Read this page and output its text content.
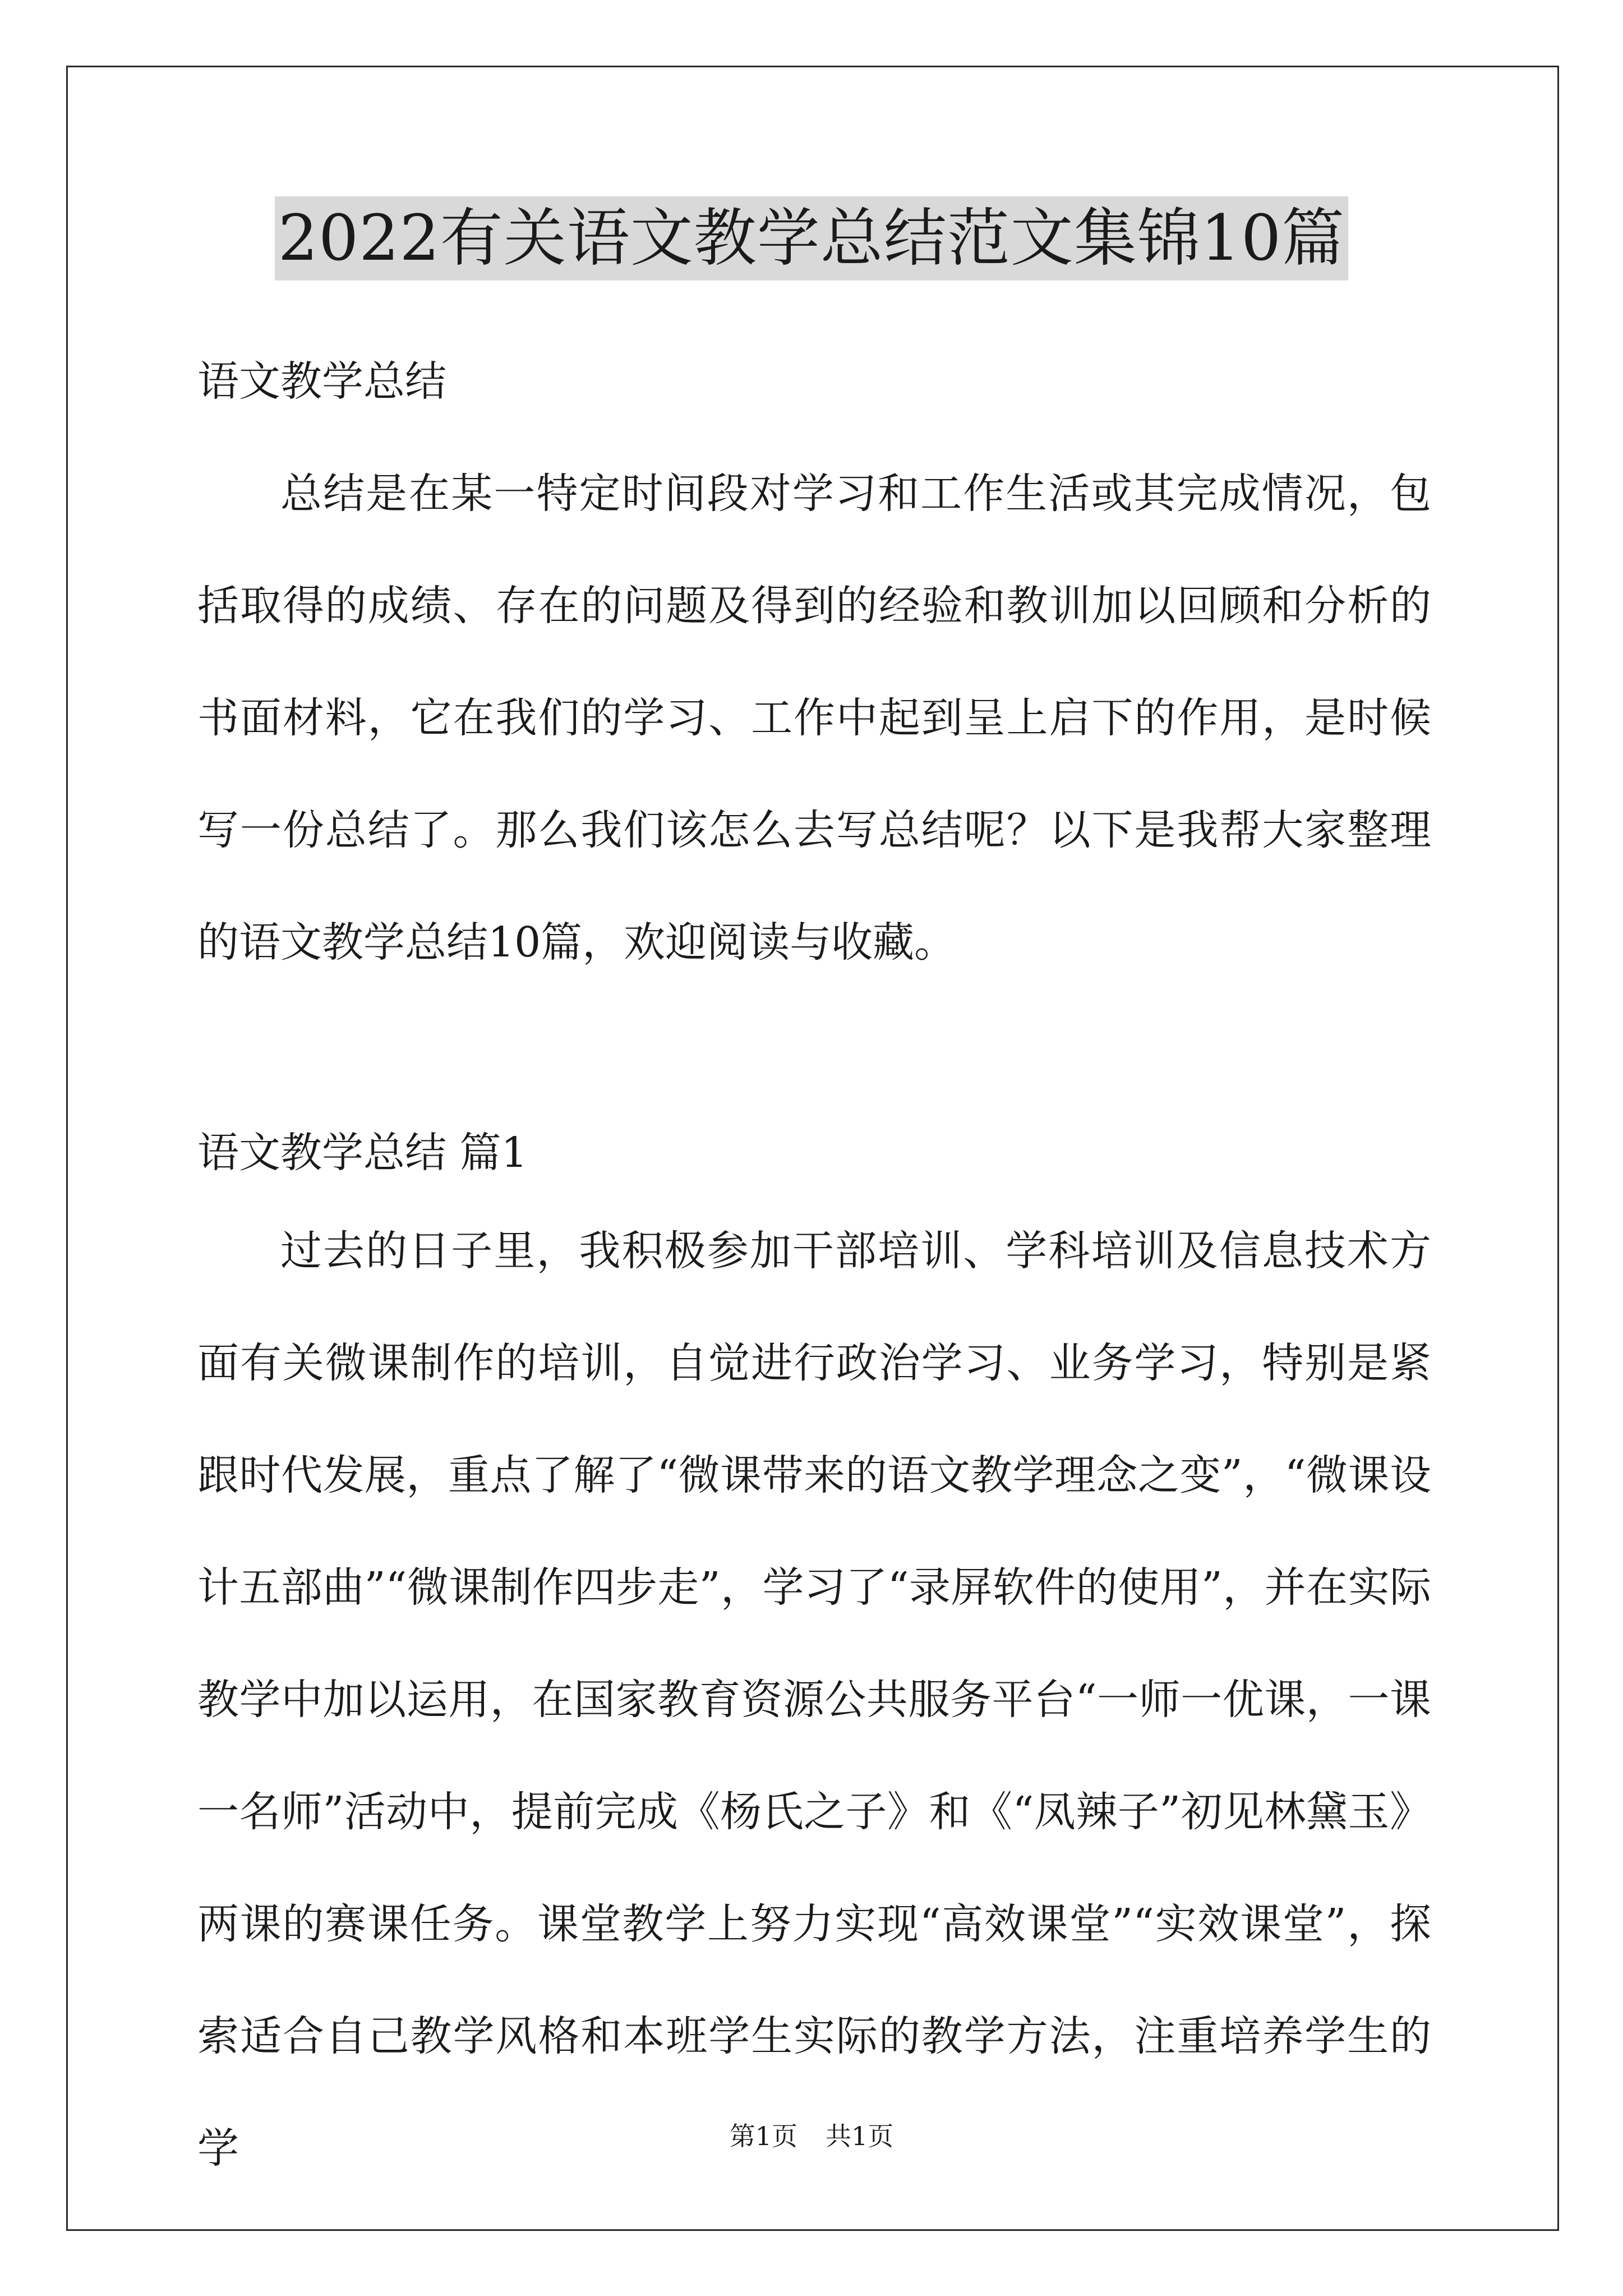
2022有关语文教学总结范文集锦10篇
语文教学总结

总结是在某一特定时间段对学习和工作生活或其完成情况，包括取得的成绩、存在的问题及得到的经验和教训加以回顾和分析的书面材料，它在我们的学习、工作中起到呈上启下的作用，是时候写一份总结了。那么我们该怎么去写总结呢？以下是我帮大家整理的语文教学总结10篇，欢迎阅读与收藏。

语文教学总结 篇1

过去的日子里，我积极参加干部培训、学科培训及信息技术方面有关微课制作的培训，自觉进行政治学习、业务学习，特别是紧跟时代发展，重点了解了“微课带来的语文教学理念之变”，“微课设计五部曲”“微课制作四步走”，学习了“录屏软件的使用”，并在实际教学中加以运用，在国家教育资源公共服务平台“一师一优课，一课一名师”活动中，提前完成《杨氏之子》和《“凤辣子”初见林黛玉》两课的赛课任务。课堂教学上努力实现“高效课堂”“实效课堂”，探索适合自己教学风格和本班学生实际的教学方法，注重培养学生的学	第1页 共1页
